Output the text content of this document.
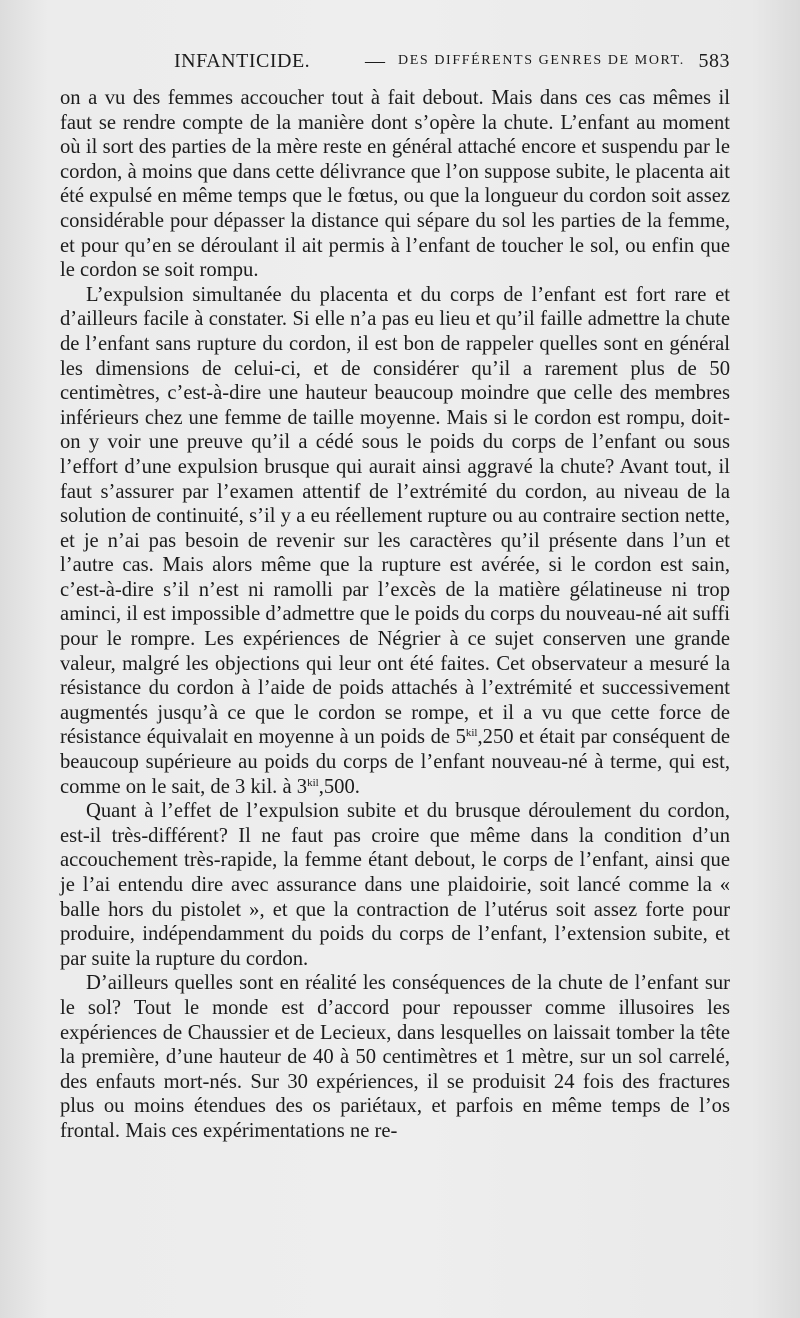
INFANTICIDE.	— DES DIFFÉRENTS GENRES DE MORT. 583

on a vu des femmes accoucher tout à fait debout. Mais dans ces cas mêmes il faut se rendre compte de la manière dont s’opère la chute. L’enfant au moment où il sort des parties de la mère reste en général attaché encore et suspendu par le cordon, à moins que dans cette délivrance que l’on suppose subite, le placenta ait été expulsé en même temps que le fœtus, ou que la longueur du cordon soit assez considérable pour dépasser la distance qui sépare du sol les parties de la femme, et pour qu’en se déroulant il ait permis à l’enfant de toucher le sol, ou enfin que le cordon se soit rompu.

L’expulsion simultanée du placenta et du corps de l’enfant est fort rare et d’ailleurs facile à constater. Si elle n’a pas eu lieu et qu’il faille admettre la chute de l’enfant sans rupture du cordon, il est bon de rappeler quelles sont en général les dimensions de celui-ci, et de considérer qu’il a rarement plus de 50 centimètres, c’est-à-dire une hauteur beaucoup moindre que celle des membres inférieurs chez une femme de taille moyenne. Mais si le cordon est rompu, doit-on y voir une preuve qu’il a cédé sous le poids du corps de l’enfant ou sous l’effort d’une expulsion brusque qui aurait ainsi aggravé la chute? Avant tout, il faut s’assurer par l’examen attentif de l’extrémité du cordon, au niveau de la solution de continuité, s’il y a eu réellement rupture ou au contraire section nette, et je n’ai pas besoin de revenir sur les caractères qu’il présente dans l’un et l’autre cas. Mais alors même que la rupture est avérée, si le cordon est sain, c’est-à-dire s’il n’est ni ramolli par l’excès de la matière gélatineuse ni trop aminci, il est impossible d’admettre que le poids du corps du nouveau-né ait suffi pour le rompre. Les expériences de Négrier à ce sujet conserven une grande valeur, malgré les objections qui leur ont été faites. Cet observateur a mesuré la résistance du cordon à l’aide de poids attachés à l’extrémité et successivement augmentés jusqu’à ce que le cordon se rompe, et il a vu que cette force de résistance équivalait en moyenne à un poids de $5^{kil},250$ et était par conséquent de beaucoup supérieure au poids du corps de l’enfant nouveau-né à terme, qui est, comme on le sait, de 3 kil. à $3^{kil},500$.

Quant à l’effet de l’expulsion subite et du brusque déroulement du cordon, est-il très-différent? Il ne faut pas croire que même dans la condition d’un accouchement très-rapide, la femme étant debout, le corps de l’enfant, ainsi que je l’ai entendu dire avec assurance dans une plaidoirie, soit lancé comme la « balle hors du pistolet », et que la contraction de l’utérus soit assez forte pour produire, indépendamment du poids du corps de l’enfant, l’extension subite, et par suite la rupture du cordon.

D’ailleurs quelles sont en réalité les conséquences de la chute de l’enfant sur le sol? Tout le monde est d’accord pour repousser comme illusoires les expériences de Chaussier et de Lecieux, dans lesquelles on laissait tomber la tête la première, d’une hauteur de 40 à 50 centimètres et 1 mètre, sur un sol carrelé, des enfauts mort-nés. Sur 30 expériences, il se produisit 24 fois des fractures plus ou moins étendues des os pariétaux, et parfois en même temps de l’os frontal. Mais ces expérimentations ne re-
